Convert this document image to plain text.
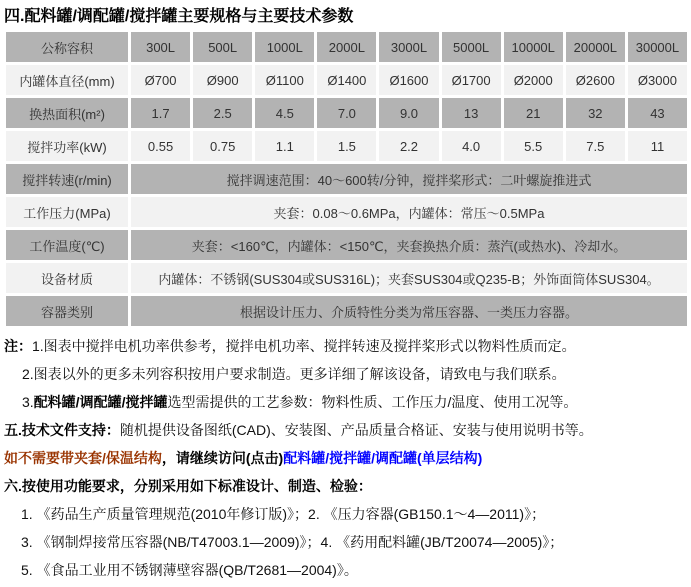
四.配料罐/调配罐/搅拌罐主要规格与主要技术参数
公称容积	300L	500L	1000L	2000L	3000L	5000L	10000L	20000L	30000L
内罐体直径(mm)	Ø700	Ø900	Ø1100	Ø1400	Ø1600	Ø1700	Ø2000	Ø2600	Ø3000
换热面积(m²)	1.7	2.5	4.5	7.0	9.0	13	21	32	43
搅拌功率(kW)	0.55	0.75	1.1	1.5	2.2	4.0	5.5	7.5	11
搅拌转速(r/min)	搅拌调速范围：40～600转/分钟，搅拌桨形式：二叶螺旋推进式								
工作压力(MPa)	夹套：0.08～0.6MPa，内罐体：常压～0.5MPa								
工作温度(℃)	夹套：<160℃，内罐体：<150℃，夹套换热介质：蒸汽(或热水)、冷却水。								
设备材质	内罐体：不锈钢(SUS304或SUS316L)；夹套SUS304或Q235-B；外饰面筒体SUS304。								
容器类别	根据设计压力、介质特性分类为常压容器、一类压力容器。								
注：1.图表中搅拌电机功率供参考，搅拌电机功率、搅拌转速及搅拌桨形式以物料性质而定。
2.图表以外的更多未列容积按用户要求制造。更多详细了解该设备，请致电与我们联系。
3.配料罐/调配罐/搅拌罐选型需提供的工艺参数：物料性质、工作压力/温度、使用工况等。
五.技术文件支持：随机提供设备图纸(CAD)、安装图、产品质量合格证、安装与使用说明书等。
如不需要带夹套/保温结构，请继续访问(点击)配料罐/搅拌罐/调配罐(单层结构)
六.按使用功能要求，分别采用如下标准设计、制造、检验：
1. 《药品生产质量管理规范(2010年修订版)》；2. 《压力容器(GB150.1～4—2011)》；
3. 《钢制焊接常压容器(NB/T47003.1—2009)》；4. 《药用配料罐(JB/T20074—2005)》；
5. 《食品工业用不锈钢薄壁容器(QB/T2681—2004)》。
